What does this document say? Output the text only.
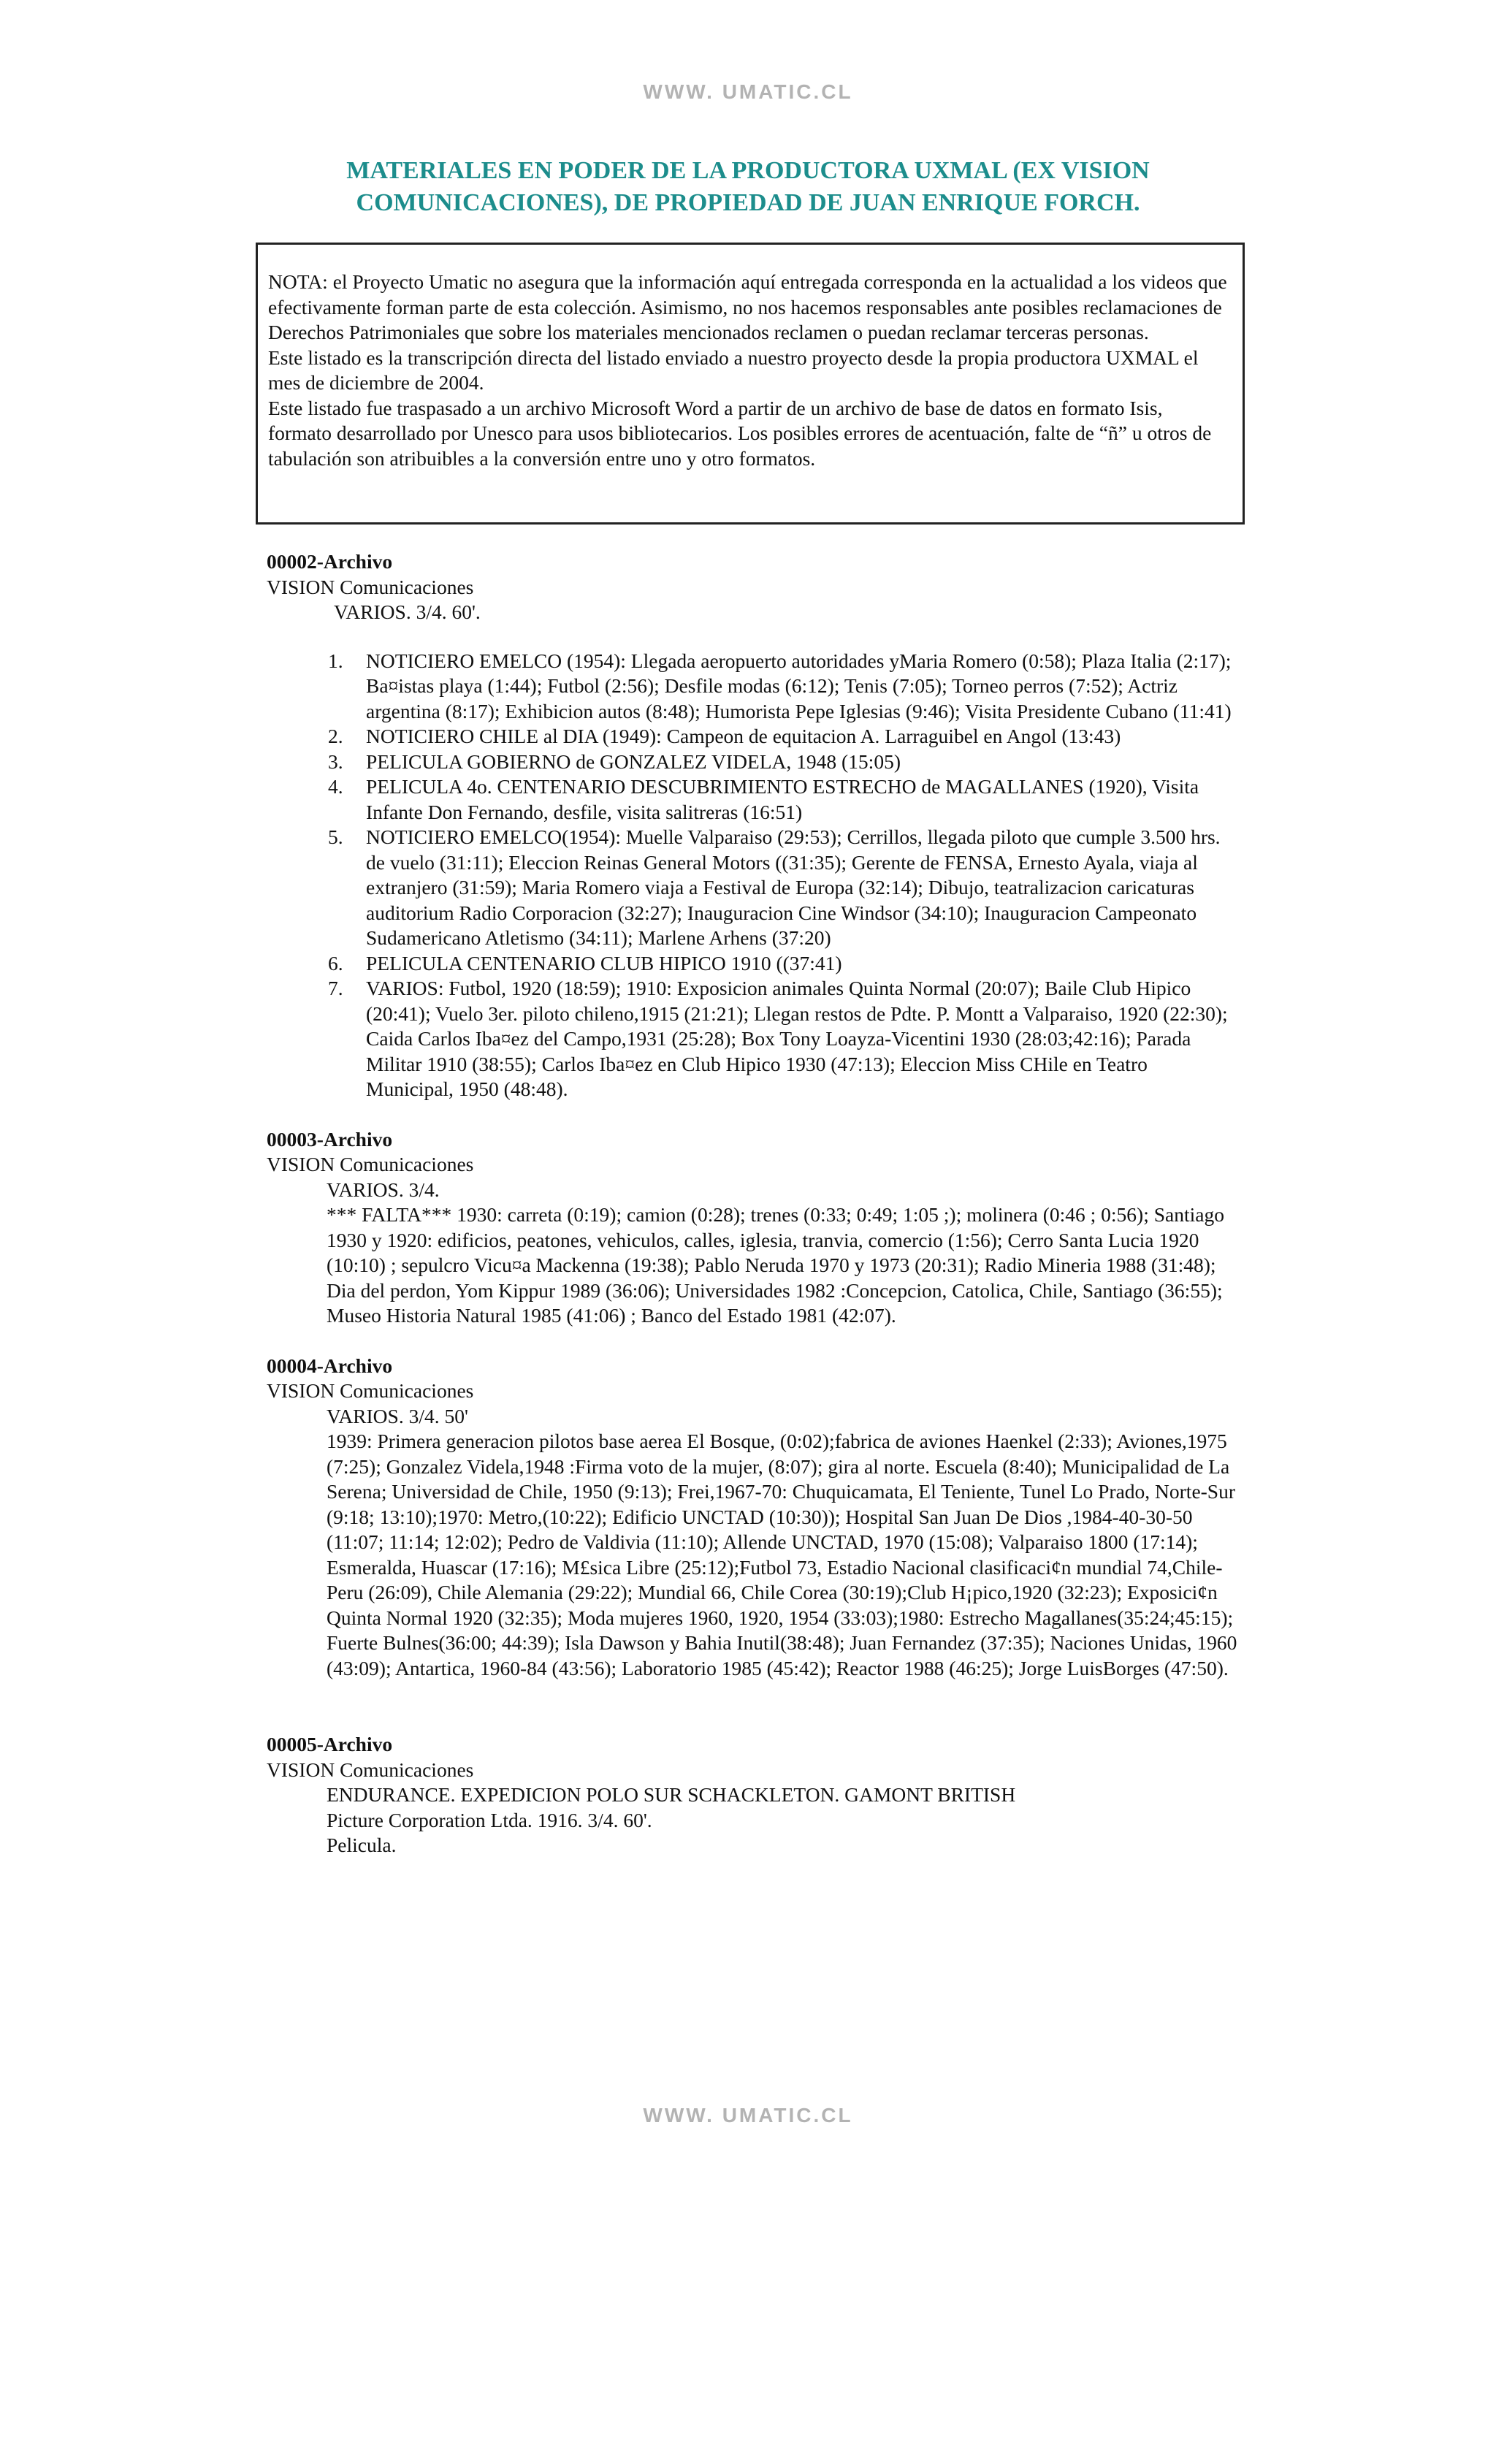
WWW. UMATIC.CL
MATERIALES EN PODER DE LA PRODUCTORA UXMAL (EX VISION COMUNICACIONES), DE PROPIEDAD DE JUAN ENRIQUE FORCH.

NOTA: el Proyecto Umatic no asegura que la información aquí entregada corresponda en la actualidad a los videos que efectivamente forman parte de esta colección. Asimismo, no nos hacemos responsables ante posibles reclamaciones de Derechos Patrimoniales que sobre los materiales mencionados reclamen o puedan reclamar terceras personas.

Este listado es la transcripción directa del listado enviado a nuestro proyecto desde la propia productora UXMAL el mes de diciembre de 2004.

Este listado fue traspasado a un archivo Microsoft Word a partir de un archivo de base de datos en formato Isis, formato desarrollado por Unesco para usos bibliotecarios. Los posibles errores de acentuación, falte de “ñ” u otros de tabulación son atribuibles a la conversión entre uno y otro formatos.

00002-Archivo
VISION Comunicaciones
VARIOS. 3/4. 60'.
1. NOTICIERO EMELCO (1954): Llegada aeropuerto autoridades yMaria Romero (0:58); Plaza Italia (2:17); Ba¤istas playa (1:44); Futbol (2:56); Desfile modas (6:12); Tenis (7:05); Torneo perros (7:52); Actriz argentina (8:17); Exhibicion autos (8:48); Humorista Pepe Iglesias (9:46); Visita Presidente Cubano (11:41)
2. NOTICIERO CHILE al DIA (1949): Campeon de equitacion A. Larraguibel en Angol (13:43)
3. PELICULA GOBIERNO de GONZALEZ VIDELA, 1948 (15:05)
4. PELICULA 4o. CENTENARIO DESCUBRIMIENTO ESTRECHO de MAGALLANES (1920), Visita Infante Don Fernando, desfile, visita salitreras (16:51)
5. NOTICIERO EMELCO(1954): Muelle Valparaiso (29:53); Cerrillos, llegada piloto que cumple 3.500 hrs. de vuelo (31:11); Eleccion Reinas General Motors ((31:35); Gerente de FENSA, Ernesto Ayala, viaja al extranjero (31:59); Maria Romero viaja a Festival de Europa (32:14); Dibujo, teatralizacion caricaturas auditorium Radio Corporacion (32:27); Inauguracion Cine Windsor (34:10); Inauguracion Campeonato Sudamericano Atletismo (34:11); Marlene Arhens (37:20)
6. PELICULA CENTENARIO CLUB HIPICO 1910 ((37:41)
7. VARIOS: Futbol, 1920 (18:59); 1910: Exposicion animales Quinta Normal (20:07); Baile Club Hipico (20:41); Vuelo 3er. piloto chileno,1915 (21:21); Llegan restos de Pdte. P. Montt a Valparaiso, 1920 (22:30); Caida Carlos Iba¤ez del Campo,1931 (25:28); Box Tony Loayza-Vicentini 1930 (28:03;42:16); Parada Militar 1910 (38:55); Carlos Iba¤ez en Club Hipico 1930 (47:13); Eleccion Miss CHile en Teatro Municipal, 1950 (48:48).
00003-Archivo
VISION Comunicaciones
VARIOS. 3/4.
*** FALTA*** 1930: carreta (0:19); camion (0:28); trenes (0:33; 0:49; 1:05 ;); molinera (0:46 ; 0:56); Santiago 1930 y 1920: edificios, peatones, vehiculos, calles, iglesia, tranvia, comercio (1:56); Cerro Santa Lucia 1920 (10:10) ; sepulcro Vicu¤a Mackenna (19:38); Pablo Neruda 1970 y 1973 (20:31); Radio Mineria 1988 (31:48); Dia del perdon, Yom Kippur 1989 (36:06); Universidades 1982 :Concepcion, Catolica, Chile, Santiago (36:55); Museo Historia Natural 1985 (41:06) ; Banco del Estado 1981 (42:07).
00004-Archivo
VISION Comunicaciones
VARIOS. 3/4. 50'
1939: Primera generacion pilotos base aerea El Bosque, (0:02);fabrica de aviones Haenkel (2:33); Aviones,1975 (7:25); Gonzalez Videla,1948 :Firma voto de la mujer, (8:07); gira al norte. Escuela (8:40); Municipalidad de La Serena; Universidad de Chile, 1950 (9:13); Frei,1967-70: Chuquicamata, El Teniente, Tunel Lo Prado, Norte-Sur (9:18; 13:10);1970: Metro,(10:22); Edificio UNCTAD (10:30)); Hospital San Juan De Dios ,1984-40-30-50 (11:07; 11:14; 12:02); Pedro de Valdivia (11:10); Allende UNCTAD, 1970 (15:08); Valparaiso 1800 (17:14); Esmeralda, Huascar (17:16); M£sica Libre (25:12);Futbol 73, Estadio Nacional clasificaci¢n mundial 74,Chile-Peru (26:09), Chile Alemania (29:22); Mundial 66, Chile Corea (30:19);Club H¡pico,1920 (32:23); Exposici¢n Quinta Normal 1920 (32:35); Moda mujeres 1960, 1920, 1954 (33:03);1980: Estrecho Magallanes(35:24;45:15); Fuerte Bulnes(36:00; 44:39); Isla Dawson y Bahia Inutil(38:48); Juan Fernandez (37:35); Naciones Unidas, 1960 (43:09); Antartica, 1960-84 (43:56); Laboratorio 1985 (45:42); Reactor 1988 (46:25); Jorge LuisBorges (47:50).
00005-Archivo
VISION Comunicaciones
ENDURANCE. EXPEDICION POLO SUR SCHACKLETON. GAMONT BRITISH Picture Corporation Ltda. 1916. 3/4. 60'.
Pelicula.
WWW. UMATIC.CL
